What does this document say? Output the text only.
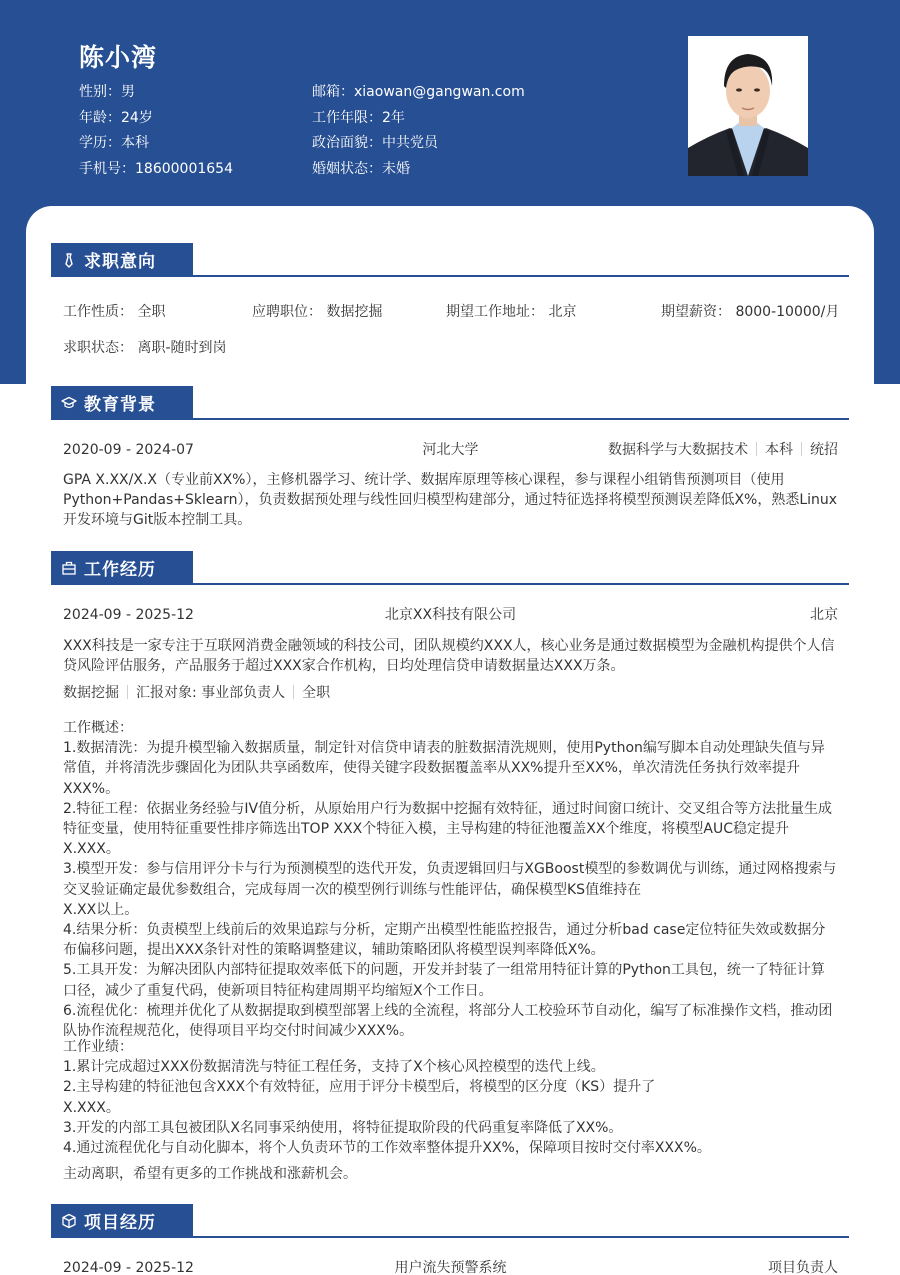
陈小湾
性别：男
年龄：24岁
学历：本科
手机号：18600001654
邮箱：xiaowan@gangwan.com
工作年限：2年
政治面貌：中共党员
婚姻状态：未婚
求职意向
工作性质： 全职	应聘职位： 数据挖掘	期望工作地址： 北京	期望薪资： 8000-10000/月
求职状态： 离职-随时到岗
教育背景
2020-09 - 2024-07	河北大学	数据科学与大数据技术 本科 统招
GPA X.XX/X.X（专业前XX%），主修机器学习、统计学、数据库原理等核心课程，参与课程小组销售预测项目（使用Python+Pandas+Sklearn），负责数据预处理与线性回归模型构建部分，通过特征选择将模型预测误差降低X%，熟悉Linux开发环境与Git版本控制工具。
工作经历
2024-09 - 2025-12	北京XX科技有限公司	北京
XXX科技是一家专注于互联网消费金融领域的科技公司，团队规模约XXX人，核心业务是通过数据模型为金融机构提供个人信贷风险评估服务，产品服务于超过XXX家合作机构，日均处理信贷申请数据量达XXX万条。
数据挖掘 汇报对象: 事业部负责人 全职
工作概述：
1.数据清洗：为提升模型输入数据质量，制定针对信贷申请表的脏数据清洗规则，使用Python编写脚本自动处理缺失值与异常值，并将清洗步骤固化为团队共享函数库，使得关键字段数据覆盖率从XX%提升至XX%，单次清洗任务执行效率提升XXX%。
2.特征工程：依据业务经验与IV值分析，从原始用户行为数据中挖掘有效特征，通过时间窗口统计、交叉组合等方法批量生成特征变量，使用特征重要性排序筛选出TOP XXX个特征入模，主导构建的特征池覆盖XX个维度，将模型AUC稳定提升
X.XXX。
3.模型开发：参与信用评分卡与行为预测模型的迭代开发，负责逻辑回归与XGBoost模型的参数调优与训练，通过网格搜索与交叉验证确定最优参数组合，完成每周一次的模型例行训练与性能评估，确保模型KS值维持在
X.XX以上。
4.结果分析：负责模型上线前后的效果追踪与分析，定期产出模型性能监控报告，通过分析bad case定位特征失效或数据分布偏移问题，提出XXX条针对性的策略调整建议，辅助策略团队将模型误判率降低X%。
5.工具开发：为解决团队内部特征提取效率低下的问题，开发并封装了一组常用特征计算的Python工具包，统一了特征计算口径，减少了重复代码，使新项目特征构建周期平均缩短X个工作日。
6.流程优化：梳理并优化了从数据提取到模型部署上线的全流程，将部分人工校验环节自动化，编写了标准操作文档，推动团队协作流程规范化，使得项目平均交付时间减少XXX%。
工作业绩：
1.累计完成超过XXX份数据清洗与特征工程任务，支持了X个核心风控模型的迭代上线。
2.主导构建的特征池包含XXX个有效特征，应用于评分卡模型后，将模型的区分度（KS）提升了
X.XXX。
3.开发的内部工具包被团队X名同事采纳使用，将特征提取阶段的代码重复率降低了XX%。
4.通过流程优化与自动化脚本，将个人负责环节的工作效率整体提升XX%，保障项目按时交付率XXX%。
主动离职，希望有更多的工作挑战和涨薪机会。
项目经历
2024-09 - 2025-12	用户流失预警系统	项目负责人
